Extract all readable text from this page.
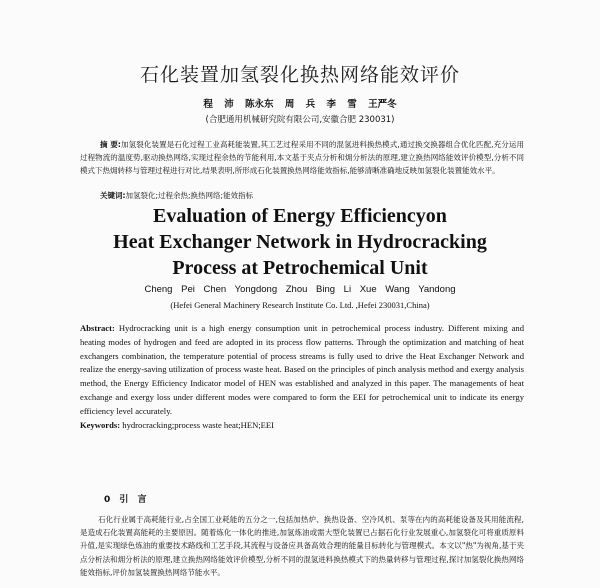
石化装置加氢裂化换热网络能效评价
程 沛 陈永东 周 兵 李 雪 王严冬
(合肥通用机械研究院有限公司,安徽合肥 230031)
摘 要:加氢裂化装置是石化过程工业高耗能装置,其工艺过程采用不同的混氢进料换热模式,通过换交换器组合优化匹配,充分运用过程物流的温度势,驱动换热网络,实现过程余热的节能利用,本文基于夹点分析和㶲分析法的原理,建立换热网络能效评价模型,分析不同模式下热㶲转移与管理过程进行对比,结果表明,所形成石化装置换热网络能效指标,能够清晰准确地反映加氢裂化装置能效水平。
关键词:加氢裂化;过程余热;换热网络;能效指标
Evaluation of Energy Efficiencyon
Heat Exchanger Network in Hydrocracking
Process at Petrochemical Unit
Cheng Pei Chen Yongdong Zhou Bing Li Xue Wang Yandong
(Hefei General Machinery Research Institute Co. Ltd. ,Hefei 230031,China)
Abstract: Hydrocracking unit is a high energy consumption unit in petrochemical process industry. Different mixing and heating modes of hydrogen and feed are adopted in its process flow patterns. Through the optimization and matching of heat exchangers combination, the temperature potential of process streams is fully used to drive the Heat Exchanger Network and realize the energy-saving utilization of process waste heat. Based on the principles of pinch analysis method and exergy analysis method, the Energy Efficiency Indicator model of HEN was established and analyzed in this paper. The managements of heat exchange and exergy loss under different modes were compared to form the EEI for petrochemical unit to indicate its energy efficiency level accurately.
Keywords: hydrocracking;process waste heat;HEN;EEI
0 引 言
石化行业属于高耗能行业,占全国工业耗能的五分之一,包括加热炉、换热设备、空冷风机、泵等在内的高耗能设备及其用能流程,是造成石化装置高能耗的主要原因。随着炼化一体化的推进,加氢炼油或需大型化装置已占据石化行业发展重心,加氢裂化可将重质原料升值,是实现绿色炼油的重要技术路线和工艺手段,其流程与设备应具备高效合理的能量目标转化与管理模式。本文以"热"为视角,基于夹点分析法和㶲分析法的原理,建立换热网络能效评价模型,分析不同的混氢进料换热模式下的热量转移与管理过程,探讨加氢裂化换热网络能效指标,评价加氢装置换热网络节能水平。
